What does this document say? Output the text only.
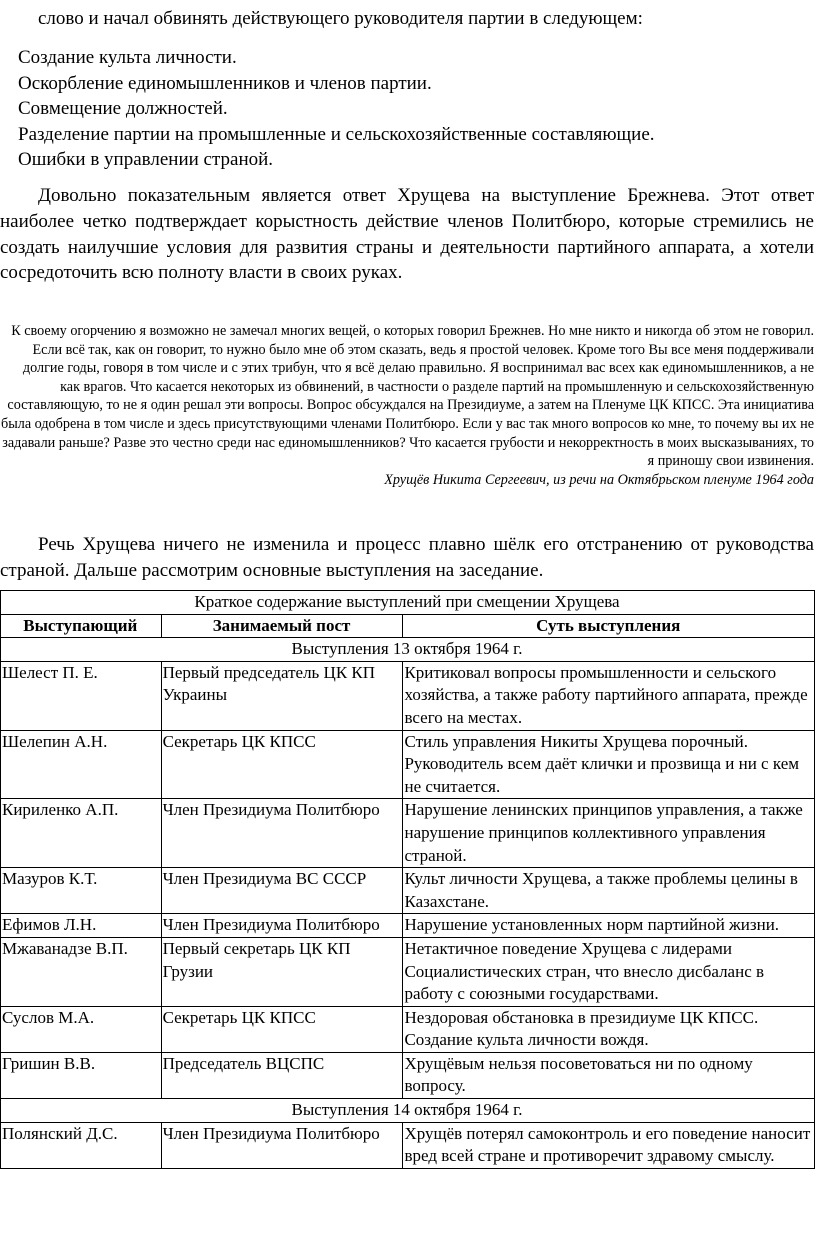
слово и начал обвинять действующего руководителя партии в следующем:
Создание культа личности.
Оскорбление единомышленников и членов партии.
Совмещение должностей.
Разделение партии на промышленные и сельскохозяйственные составляющие.
Ошибки в управлении страной.

Довольно показательным является ответ Хрущева на выступление Брежнева. Этот ответ наиболее четко подтверждает корыстность действие членов Политбюро, которые стремились не создать наилучшие условия для развития страны и деятельности партийного аппарата, а хотели сосредоточить всю полноту власти в своих руках.

К своему огорчению я возможно не замечал многих вещей, о которых говорил Брежнев. Но мне никто и никогда об этом не говорил. Если всё так, как он говорит, то нужно было мне об этом сказать, ведь я простой человек. Кроме того Вы все меня поддерживали долгие годы, говоря в том числе и с этих трибун, что я всё делаю правильно. Я воспринимал вас всех как единомышленников, а не как врагов. Что касается некоторых из обвинений, в частности о разделе партий на промышленную и сельскохозяйственную составляющую, то не я один решал эти вопросы. Вопрос обсуждался на Президиуме, а затем на Пленуме ЦК КПСС. Эта инициатива была одобрена в том числе и здесь присутствующими членами Политбюро. Если у вас так много вопросов ко мне, то почему вы их не задавали раньше? Разве это честно среди нас единомышленников? Что касается грубости и некорректность в моих высказываниях, то я приношу свои извинения.
Хрущёв Никита Сергеевич, из речи на Октябрьском пленуме 1964 года

Речь Хрущева ничего не изменила и процесс плавно шёлк его отстранению от руководства страной. Дальше рассмотрим основные выступления на заседание.

Краткое содержание выступлений при смещении Хрущева		
Выступающий	Занимаемый пост	Суть выступления
Выступления 13 октября 1964 г.		
Шелест П. Е.	Первый председатель ЦК КП Украины	Критиковал вопросы промышленности и сельского хозяйства, а также работу партийного аппарата, прежде всего на местах.
Шелепин А.Н.	Секретарь ЦК КПСС	Стиль управления Никиты Хрущева порочный. Руководитель всем даёт клички и прозвища и ни с кем не считается.
Кириленко А.П.	Член Президиума Политбюро	Нарушение ленинских принципов управления, а также нарушение принципов коллективного управления страной.
Мазуров К.Т.	Член Президиума ВС СССР	Культ личности Хрущева, а также проблемы целины в Казахстане.
Ефимов Л.Н.	Член Президиума Политбюро	Нарушение установленных норм партийной жизни.
Мжаванадзе В.П.	Первый секретарь ЦК КП Грузии	Нетактичное поведение Хрущева с лидерами Социалистических стран, что внесло дисбаланс в работу с союзными государствами.
Суслов М.А.	Секретарь ЦК КПСС	Нездоровая обстановка в президиуме ЦК КПСС. Создание культа личности вождя.
Гришин В.В.	Председатель ВЦСПС	Хрущёвым нельзя посоветоваться ни по одному вопросу.
Выступления 14 октября 1964 г.		
Полянский Д.С.	Член Президиума Политбюро	Хрущёв потерял самоконтроль и его поведение наносит вред всей стране и противоречит здравому смыслу.
